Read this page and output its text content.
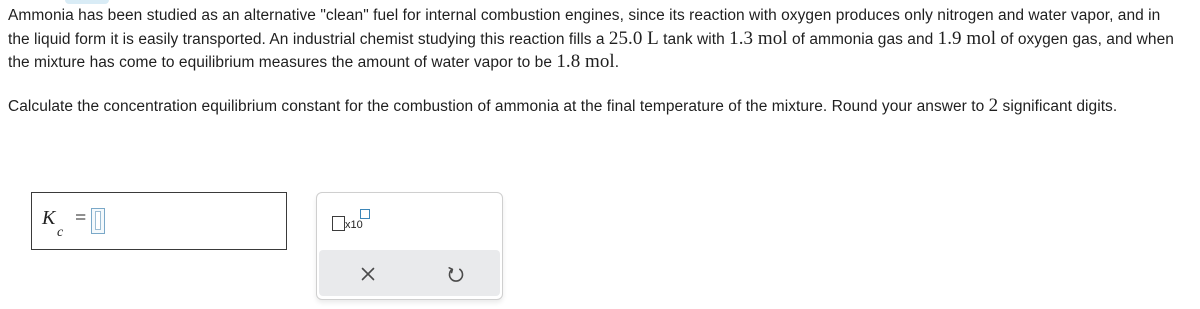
Ammonia has been studied as an alternative "clean" fuel for internal combustion engines, since its reaction with oxygen produces only nitrogen and water vapor, and in the liquid form it is easily transported. An industrial chemist studying this reaction fills a 25.0 L tank with 1.3 mol of ammonia gas and 1.9 mol of oxygen gas, and when the mixture has come to equilibrium measures the amount of water vapor to be 1.8 mol.

Calculate the concentration equilibrium constant for the combustion of ammonia at the final temperature of the mixture. Round your answer to 2 significant digits.

K
c
=	x10
